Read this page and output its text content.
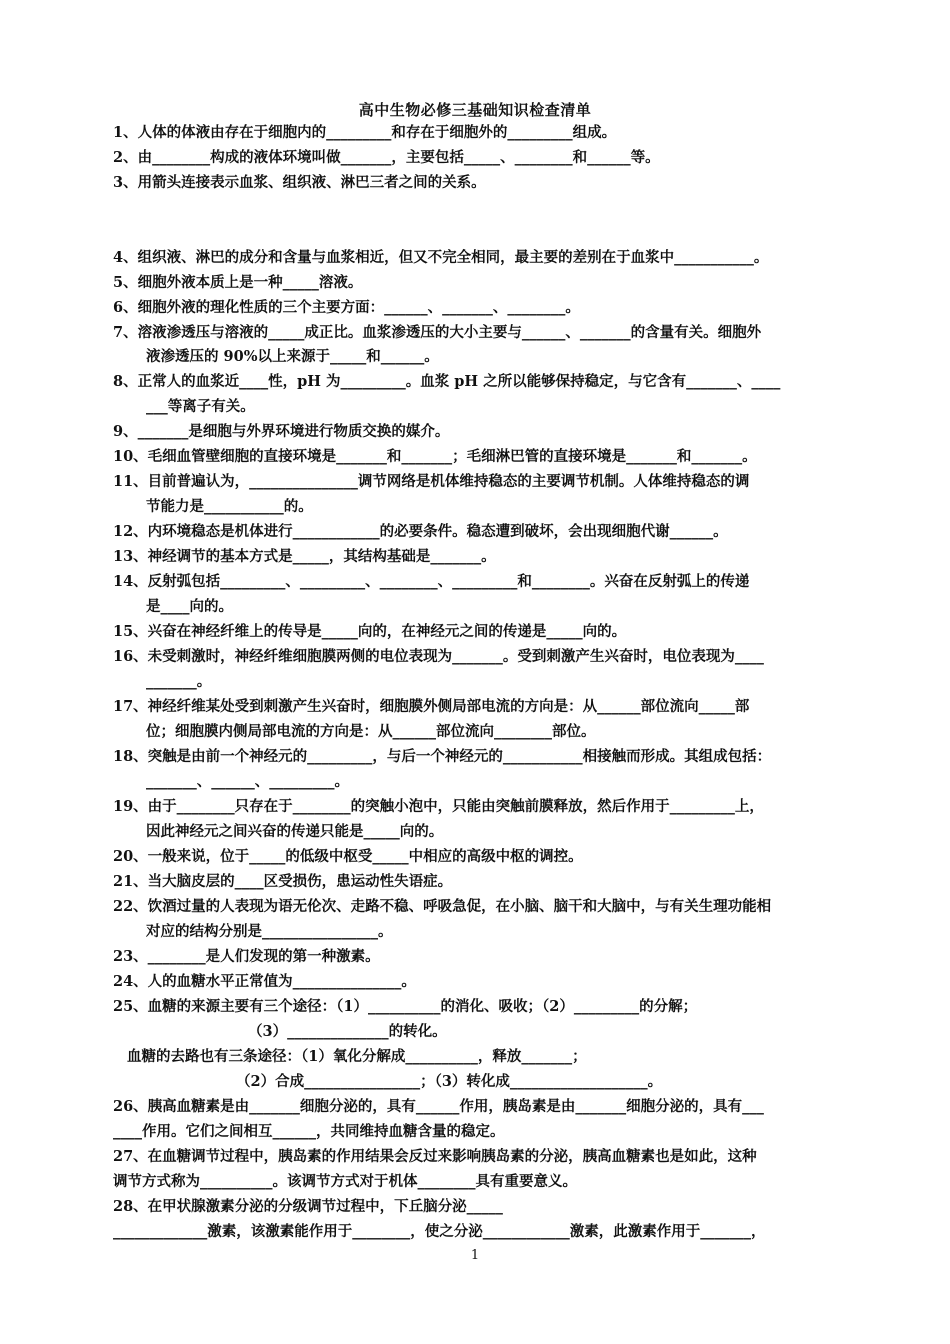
高中生物必修三基础知识检查清单
1、人体的体液由存在于细胞内的_________和存在于细胞外的_________组成。
2、由________构成的液体环境叫做_______，主要包括_____、________和______等。
3、用箭头连接表示血浆、组织液、淋巴三者之间的关系。
4、组织液、淋巴的成分和含量与血浆相近，但又不完全相同，最主要的差别在于血浆中___________。
5、细胞外液本质上是一种_____溶液。
6、细胞外液的理化性质的三个主要方面：______、_______、________。
7、溶液渗透压与溶液的_____成正比。血浆渗透压的大小主要与______、_______的含量有关。细胞外
液渗透压的 90%以上来源于_____和______。
8、正常人的血浆近____性，pH 为_________。血浆 pH 之所以能够保持稳定，与它含有_______、____
___等离子有关。
9、_______是细胞与外界环境进行物质交换的媒介。
10、毛细血管壁细胞的直接环境是_______和_______；毛细淋巴管的直接环境是_______和_______。
11、目前普遍认为，_______________调节网络是机体维持稳态的主要调节机制。人体维持稳态的调
节能力是___________的。
12、内环境稳态是机体进行____________的必要条件。稳态遭到破坏，会出现细胞代谢______。
13、神经调节的基本方式是_____，其结构基础是_______。
14、反射弧包括_________、_________、________、_________和________。兴奋在反射弧上的传递
是____向的。
15、兴奋在神经纤维上的传导是_____向的，在神经元之间的传递是_____向的。
16、未受刺激时，神经纤维细胞膜两侧的电位表现为_______。受到刺激产生兴奋时，电位表现为____
_______。
17、神经纤维某处受到刺激产生兴奋时，细胞膜外侧局部电流的方向是：从______部位流向_____部
位；细胞膜内侧局部电流的方向是：从______部位流向________部位。
18、突触是由前一个神经元的_________，与后一个神经元的___________相接触而形成。其组成包括：
_______、______、_________。
19、由于________只存在于________的突触小泡中，只能由突触前膜释放，然后作用于_________上，
因此神经元之间兴奋的传递只能是_____向的。
20、一般来说，位于_____的低级中枢受_____中相应的高级中枢的调控。
21、当大脑皮层的____区受损伤，患运动性失语症。
22、饮酒过量的人表现为语无伦次、走路不稳、呼吸急促，在小脑、脑干和大脑中，与有关生理功能相
对应的结构分别是________________。
23、________是人们发现的第一种激素。
24、人的血糖水平正常值为_______________。
25、血糖的来源主要有三个途径：（1）__________的消化、吸收；（2）_________的分解；
（3）______________的转化。
血糖的去路也有三条途径：（1）氧化分解成__________，释放_______；
（2）合成________________；（3）转化成___________________。
26、胰高血糖素是由_______细胞分泌的，具有______作用，胰岛素是由_______细胞分泌的，具有___
____作用。它们之间相互______，共同维持血糖含量的稳定。
27、在血糖调节过程中，胰岛素的作用结果会反过来影响胰岛素的分泌，胰高血糖素也是如此，这种
调节方式称为__________。该调节方式对于机体________具有重要意义。
28、在甲状腺激素分泌的分级调节过程中，下丘脑分泌_____
_____________激素，该激素能作用于________，使之分泌____________激素，此激素作用于_______，
1
